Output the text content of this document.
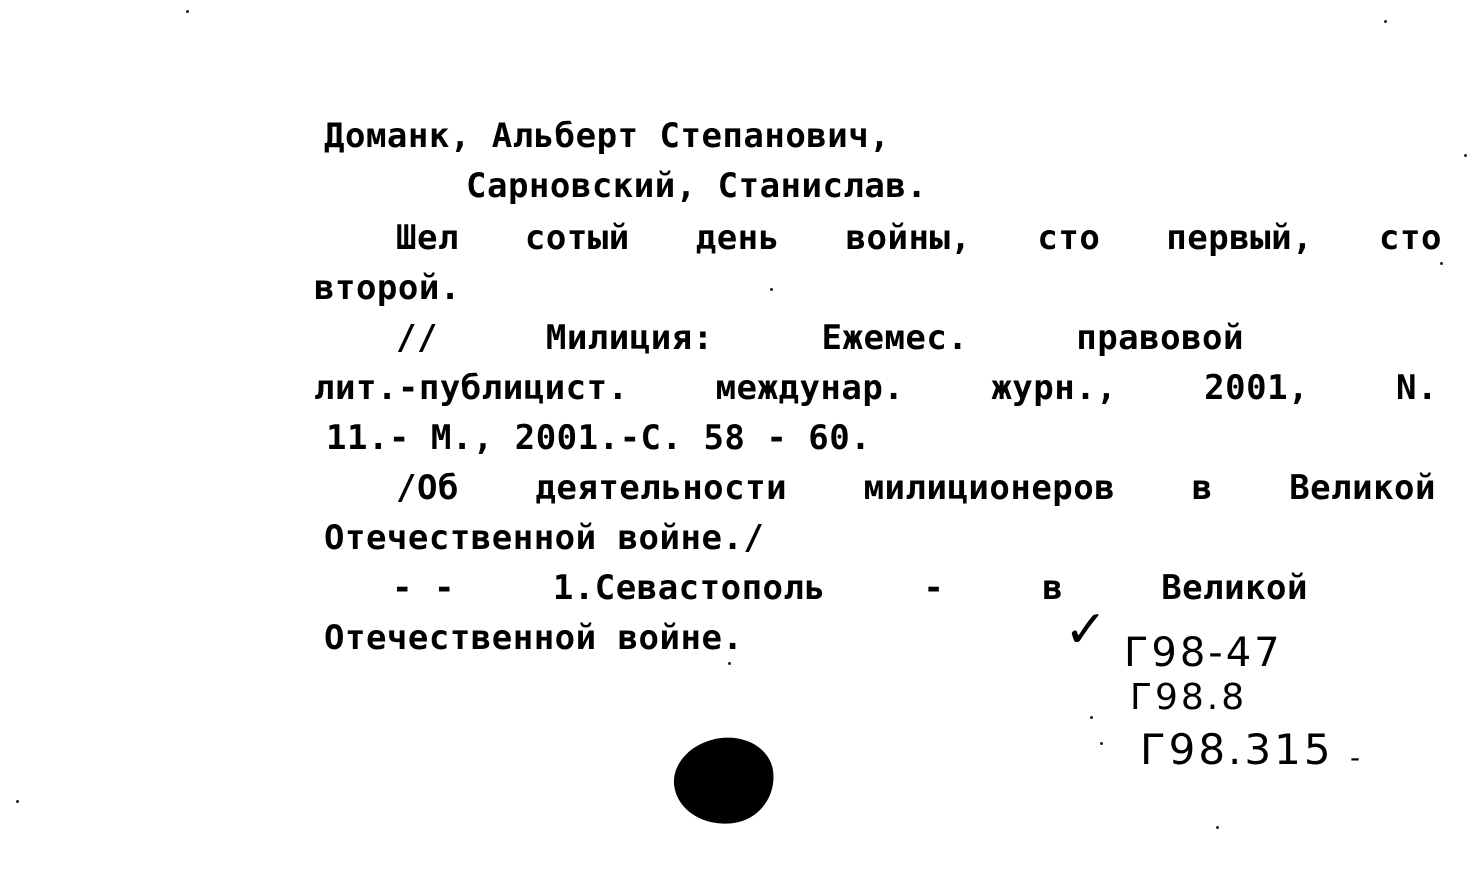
Доманк, Альберт Степанович,
Сарновский, Станислав.
Шел сотый день войны, сто первый, сто
второй.
//	Милиция:	Ежемес.	правовой
лит.-публицист.	междунар.	журн.,	2001,	N.
11.- М., 2001.-С. 58 - 60.
/Об деятельности милиционеров в Великой
Отечественной войне./
- -	1.Севастополь	-	в	Великой
Отечественной войне.	✓ Г98-47
Г98.8
Г98.315 -
